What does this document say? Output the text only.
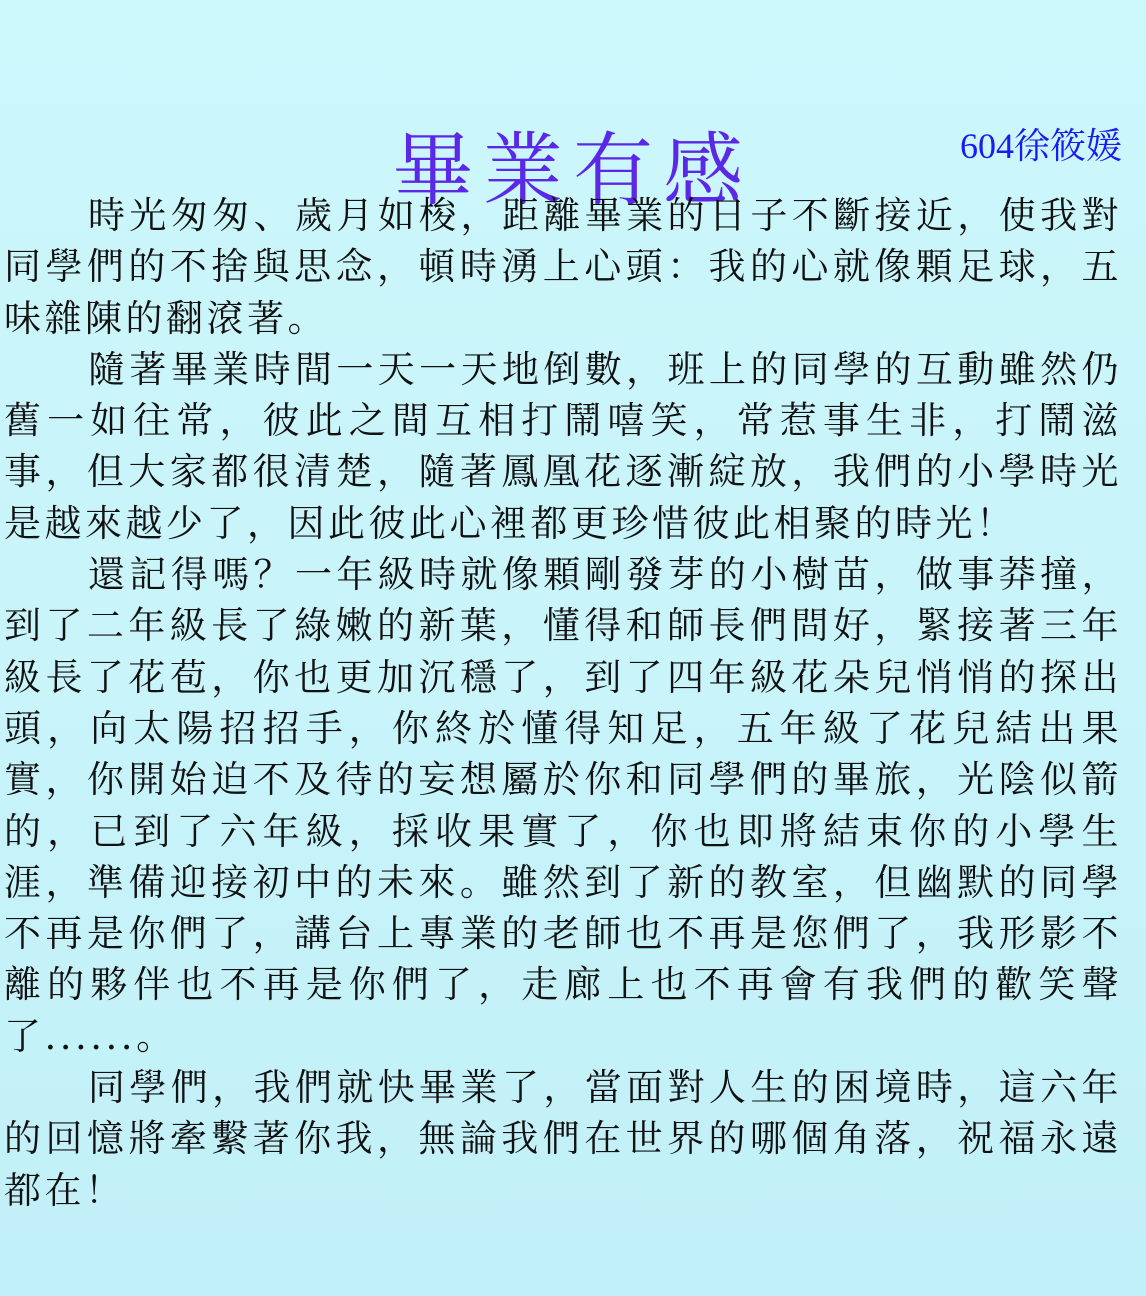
畢業有感	604徐筱媛

時光匆匆、歲月如梭，距離畢業的日子不斷接近，使我對同學們的不捨與思念，頓時湧上心頭：我的心就像顆足球，五味雜陳的翻滾著。

隨著畢業時間一天一天地倒數，班上的同學的互動雖然仍舊一如往常，彼此之間互相打鬧嘻笑，常惹事生非，打鬧滋事，但大家都很清楚，隨著鳳凰花逐漸綻放，我們的小學時光是越來越少了，因此彼此心裡都更珍惜彼此相聚的時光！

還記得嗎？一年級時就像顆剛發芽的小樹苗，做事莽撞，到了二年級長了綠嫩的新葉，懂得和師長們問好，緊接著三年級長了花苞，你也更加沉穩了，到了四年級花朵兒悄悄的探出頭，向太陽招招手，你終於懂得知足，五年級了花兒結出果實，你開始迫不及待的妄想屬於你和同學們的畢旅，光陰似箭的，已到了六年級，採收果實了，你也即將結束你的小學生涯，準備迎接初中的未來。雖然到了新的教室，但幽默的同學不再是你們了，講台上專業的老師也不再是您們了，我形影不離的夥伴也不再是你們了，走廊上也不再會有我們的歡笑聲了......。

同學們，我們就快畢業了，當面對人生的困境時，這六年的回憶將牽繫著你我，無論我們在世界的哪個角落，祝福永遠都在！
